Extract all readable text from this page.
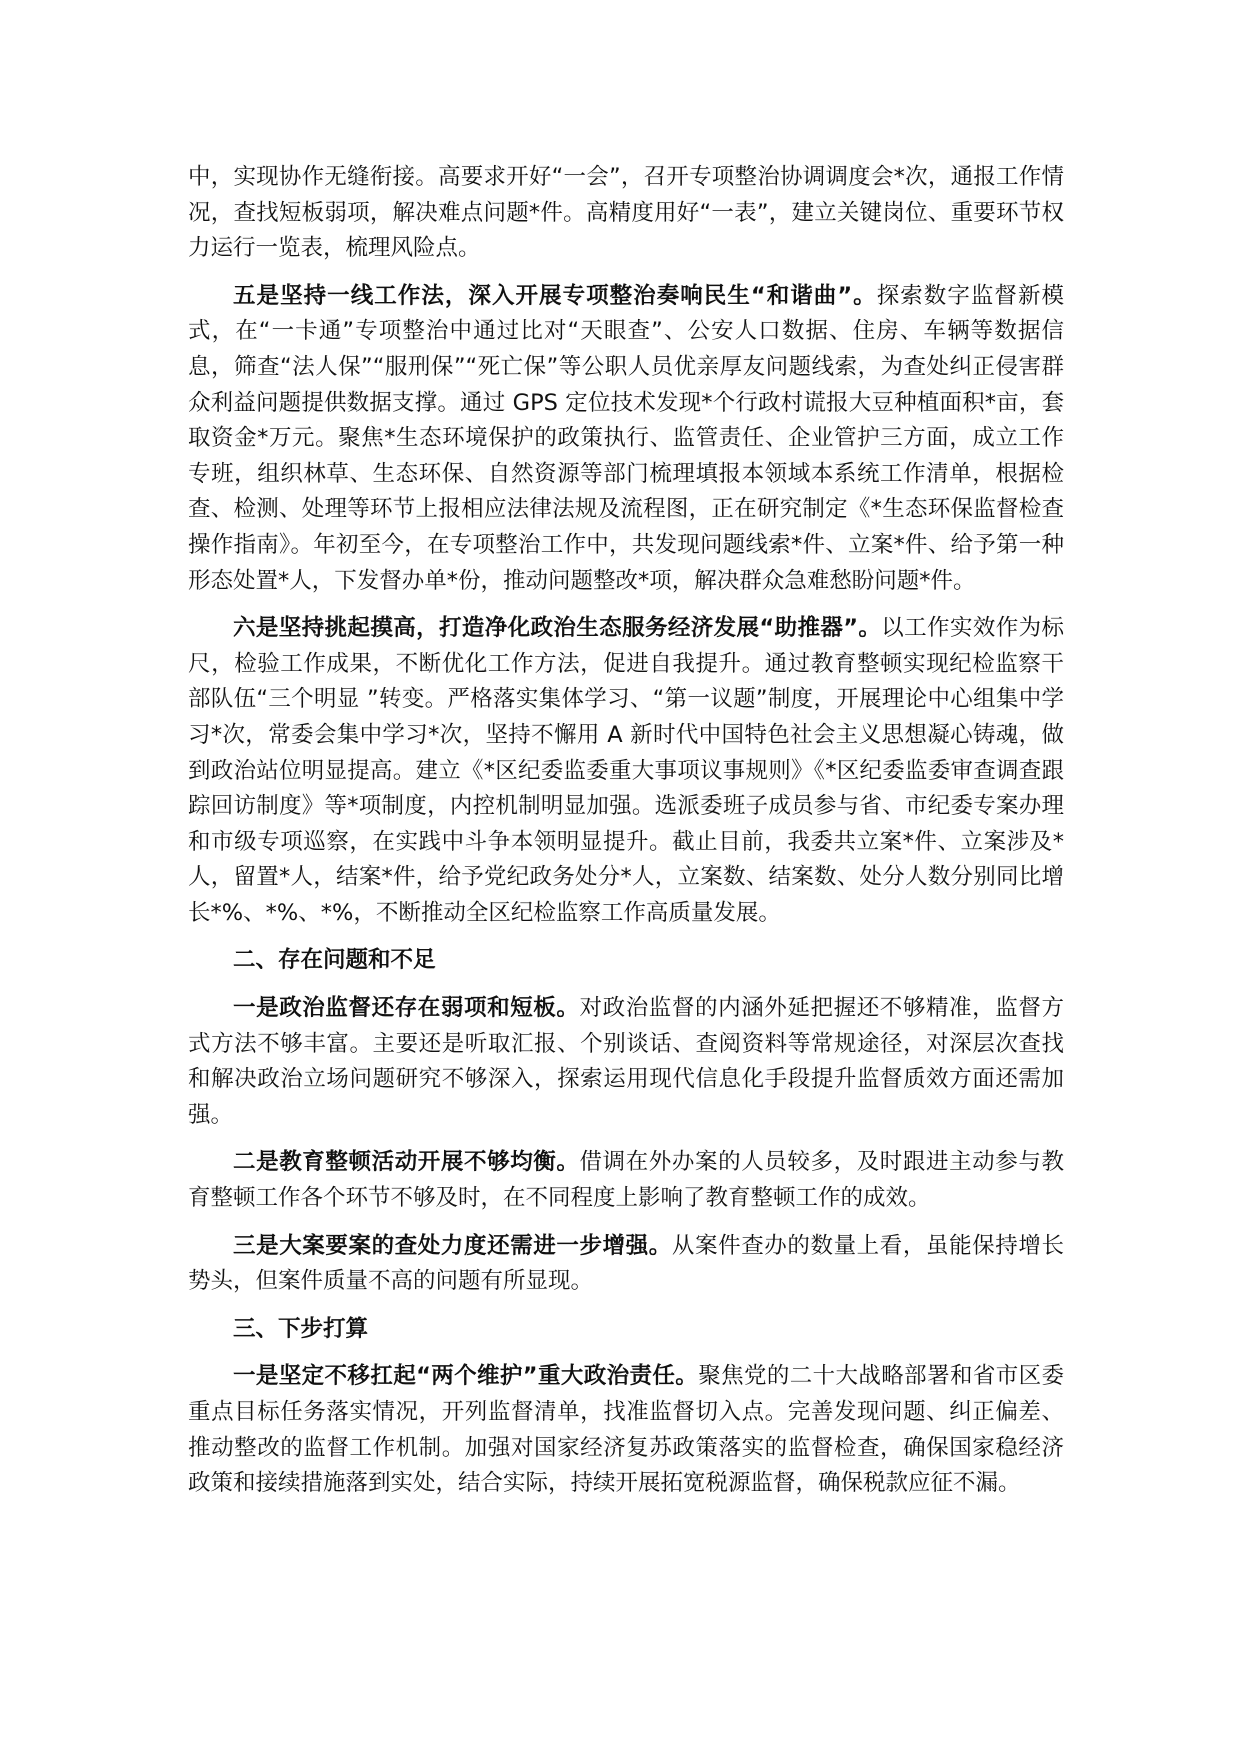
中，实现协作无缝衔接。高要求开好“一会”，召开专项整治协调调度会*次，通报工作情况，查找短板弱项，解决难点问题*件。高精度用好“一表”，建立关键岗位、重要环节权力运行一览表，梳理风险点。

五是坚持一线工作法，深入开展专项整治奏响民生“和谐曲”。探索数字监督新模式，在“一卡通”专项整治中通过比对“天眼查”、公安人口数据、住房、车辆等数据信息，筛查“法人保”“服刑保”“死亡保”等公职人员优亲厚友问题线索，为查处纠正侵害群众利益问题提供数据支撑。通过 GPS 定位技术发现*个行政村谎报大豆种植面积*亩，套取资金*万元。聚焦*生态环境保护的政策执行、监管责任、企业管护三方面，成立工作专班，组织林草、生态环保、自然资源等部门梳理填报本领域本系统工作清单，根据检查、检测、处理等环节上报相应法律法规及流程图，正在研究制定《*生态环保监督检查操作指南》。年初至今，在专项整治工作中，共发现问题线索*件、立案*件、给予第一种形态处置*人，下发督办单*份，推动问题整改*项，解决群众急难愁盼问题*件。

六是坚持挑起摸高，打造净化政治生态服务经济发展“助推器”。以工作实效作为标尺，检验工作成果，不断优化工作方法，促进自我提升。通过教育整顿实现纪检监察干部队伍“三个明显 ”转变。严格落实集体学习、“第一议题”制度，开展理论中心组集中学习*次，常委会集中学习*次，坚持不懈用 A 新时代中国特色社会主义思想凝心铸魂，做到政治站位明显提高。建立《*区纪委监委重大事项议事规则》《*区纪委监委审查调查跟踪回访制度》等*项制度，内控机制明显加强。选派委班子成员参与省、市纪委专案办理和市级专项巡察，在实践中斗争本领明显提升。截止目前，我委共立案*件、立案涉及*人，留置*人，结案*件，给予党纪政务处分*人，立案数、结案数、处分人数分别同比增长*%、*%、*%，不断推动全区纪检监察工作高质量发展。

二、存在问题和不足

一是政治监督还存在弱项和短板。对政治监督的内涵外延把握还不够精准，监督方式方法不够丰富。主要还是听取汇报、个别谈话、查阅资料等常规途径，对深层次查找和解决政治立场问题研究不够深入，探索运用现代信息化手段提升监督质效方面还需加强。

二是教育整顿活动开展不够均衡。借调在外办案的人员较多，及时跟进主动参与教育整顿工作各个环节不够及时，在不同程度上影响了教育整顿工作的成效。

三是大案要案的查处力度还需进一步增强。从案件查办的数量上看，虽能保持增长势头，但案件质量不高的问题有所显现。

三、下步打算

一是坚定不移扛起“两个维护”重大政治责任。聚焦党的二十大战略部署和省市区委重点目标任务落实情况，开列监督清单，找准监督切入点。完善发现问题、纠正偏差、推动整改的监督工作机制。加强对国家经济复苏政策落实的监督检查，确保国家稳经济政策和接续措施落到实处，结合实际，持续开展拓宽税源监督，确保税款应征不漏。
